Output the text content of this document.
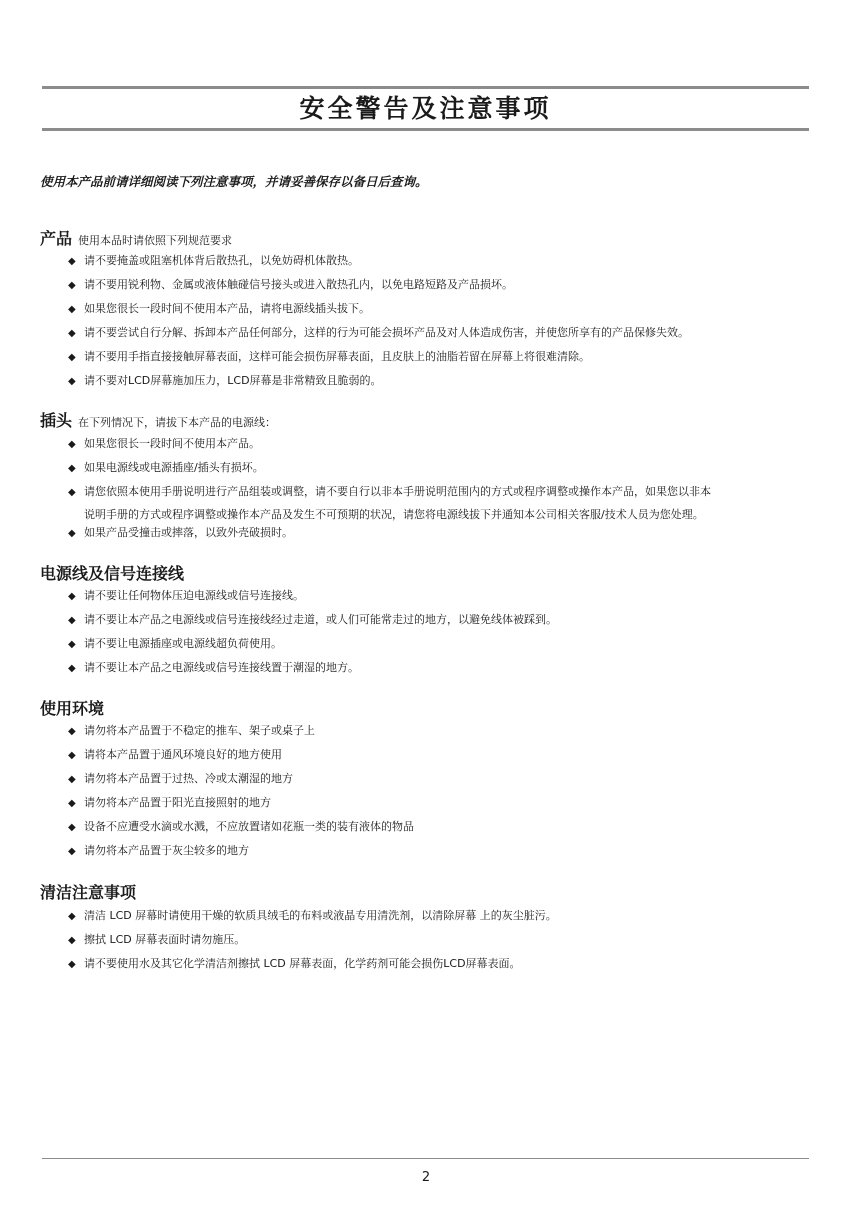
安全警告及注意事项
使用本产品前请详细阅读下列注意事项，并请妥善保存以备日后查询。
产品 使用本品时请依照下列规范要求
◆ 请不要掩盖或阻塞机体背后散热孔，以免妨碍机体散热。
◆ 请不要用锐利物、金属或液体触碰信号接头或进入散热孔内，以免电路短路及产品损坏。
◆ 如果您很长一段时间不使用本产品，请将电源线插头拔下。
◆ 请不要尝试自行分解、拆卸本产品任何部分，这样的行为可能会损坏产品及对人体造成伤害，并使您所享有的产品保修失效。
◆ 请不要用手指直接接触屏幕表面，这样可能会损伤屏幕表面，且皮肤上的油脂若留在屏幕上将很难清除。
◆ 请不要对LCD屏幕施加压力，LCD屏幕是非常精致且脆弱的。
插头 在下列情况下，请拔下本产品的电源线：
◆ 如果您很长一段时间不使用本产品。
◆ 如果电源线或电源插座/插头有损坏。
◆ 请您依照本使用手册说明进行产品组装或调整，请不要自行以非本手册说明范围内的方式或程序调整或操作本产品，如果您以非本
说明手册的方式或程序调整或操作本产品及发生不可预期的状况，请您将电源线拔下并通知本公司相关客服/技术人员为您处理。
◆ 如果产品受撞击或摔落，以致外壳破损时。
电源线及信号连接线
◆ 请不要让任何物体压迫电源线或信号连接线。
◆ 请不要让本产品之电源线或信号连接线经过走道，或人们可能常走过的地方，以避免线体被踩到。
◆ 请不要让电源插座或电源线超负荷使用。
◆ 请不要让本产品之电源线或信号连接线置于潮湿的地方。
使用环境
◆ 请勿将本产品置于不稳定的推车、架子或桌子上
◆ 请将本产品置于通风环境良好的地方使用
◆ 请勿将本产品置于过热、冷或太潮湿的地方
◆ 请勿将本产品置于阳光直接照射的地方
◆ 设备不应遭受水滴或水溅，不应放置诸如花瓶一类的装有液体的物品
◆ 请勿将本产品置于灰尘较多的地方
清洁注意事项
◆ 清洁 LCD 屏幕时请使用干燥的软质具绒毛的布料或液晶专用清洗剂，以清除屏幕 上的灰尘脏污。
◆ 擦拭 LCD 屏幕表面时请勿施压。
◆ 请不要使用水及其它化学清洁剂擦拭 LCD 屏幕表面，化学药剂可能会损伤LCD屏幕表面。
2
